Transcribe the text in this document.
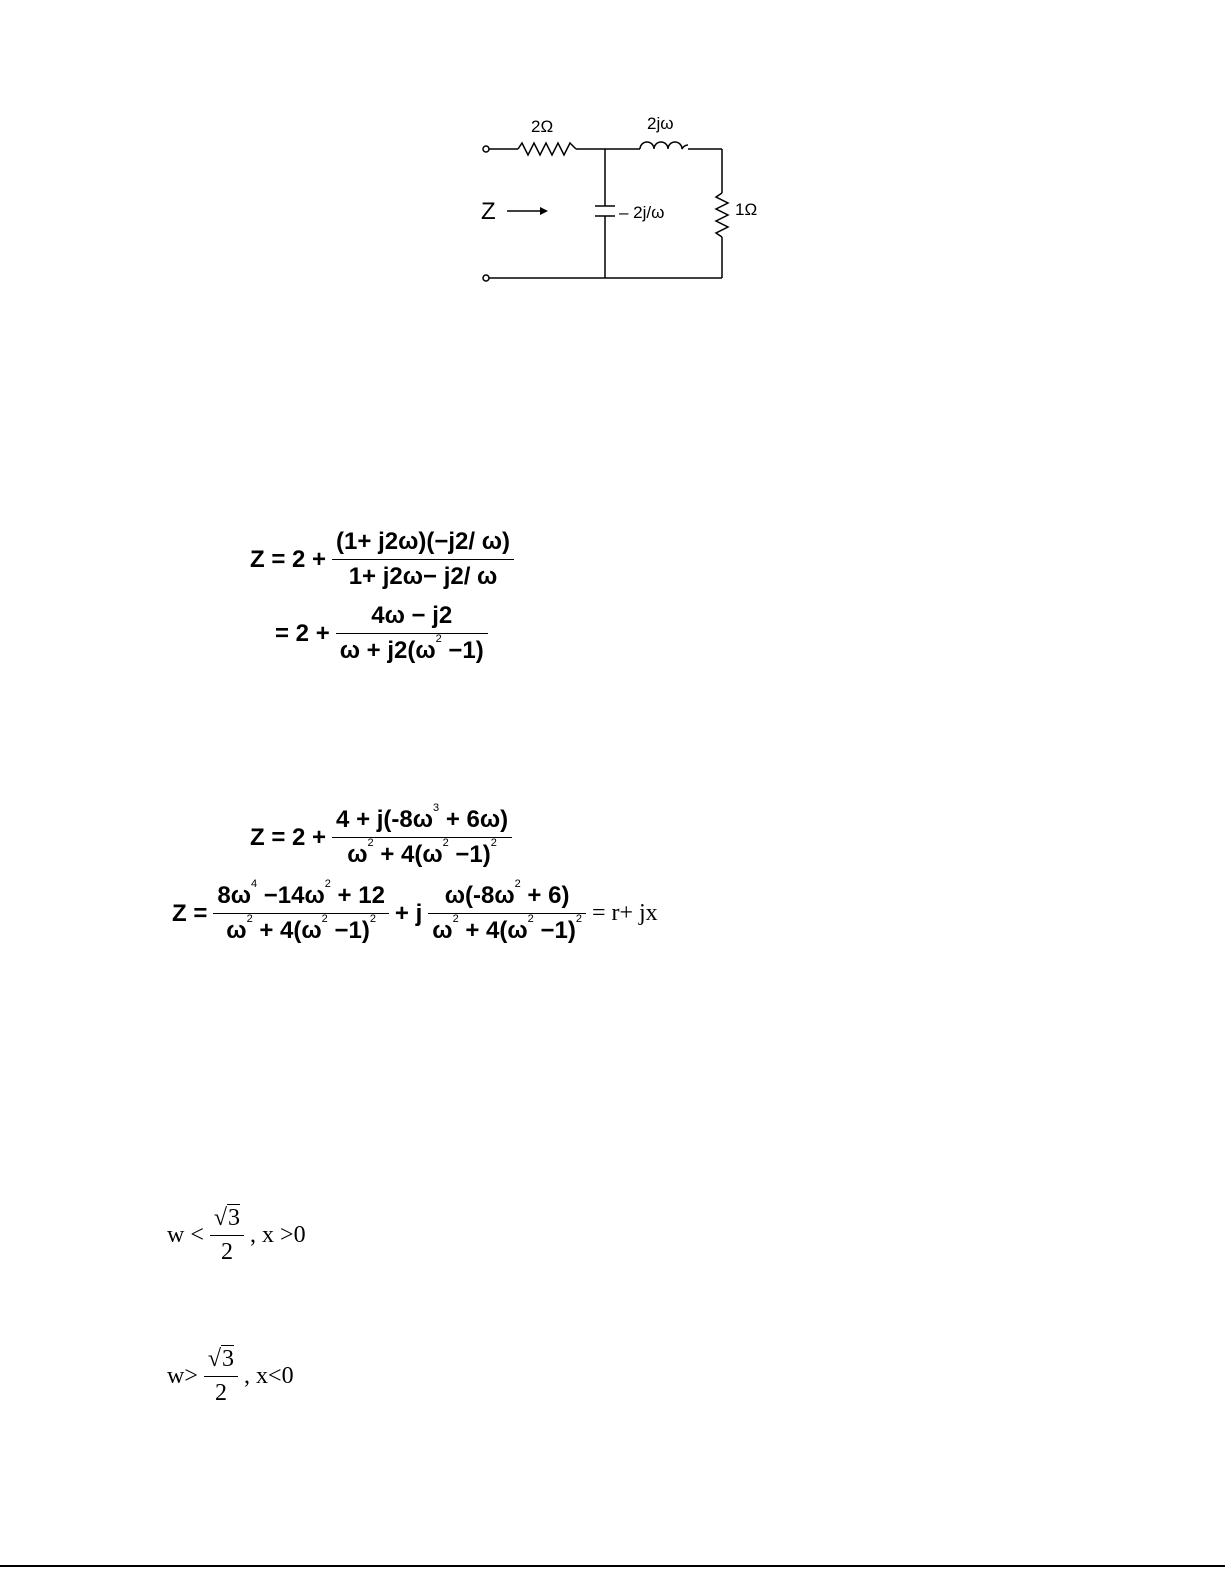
2Ω	2jω
– 2j/ω	1Ω
Z
$Z = 2 + \frac{(1+ j2\omega)(-j2/ \omega)}{1+ j2\omega- j2/ \omega}$
= $2 + \frac{4\omega - j2}{\omega + j2(\omega^2 -1)}$
$Z = 2 + \frac{4 + j(-8\omega^3 + 6\omega)}{\omega^2 + 4(\omega^2 -1)^2}$
$Z = \frac{8\omega^4 -14\omega^2 + 12}{\omega^2 + 4(\omega^2 -1)^2} + j \frac{\omega(-8\omega^2 + 6)}{\omega^2 + 4(\omega^2 -1)^2} = r+$ jx
$w < \frac{√3}{2}$ , x >0
$w> \frac{√3}{2}$ , x<0
